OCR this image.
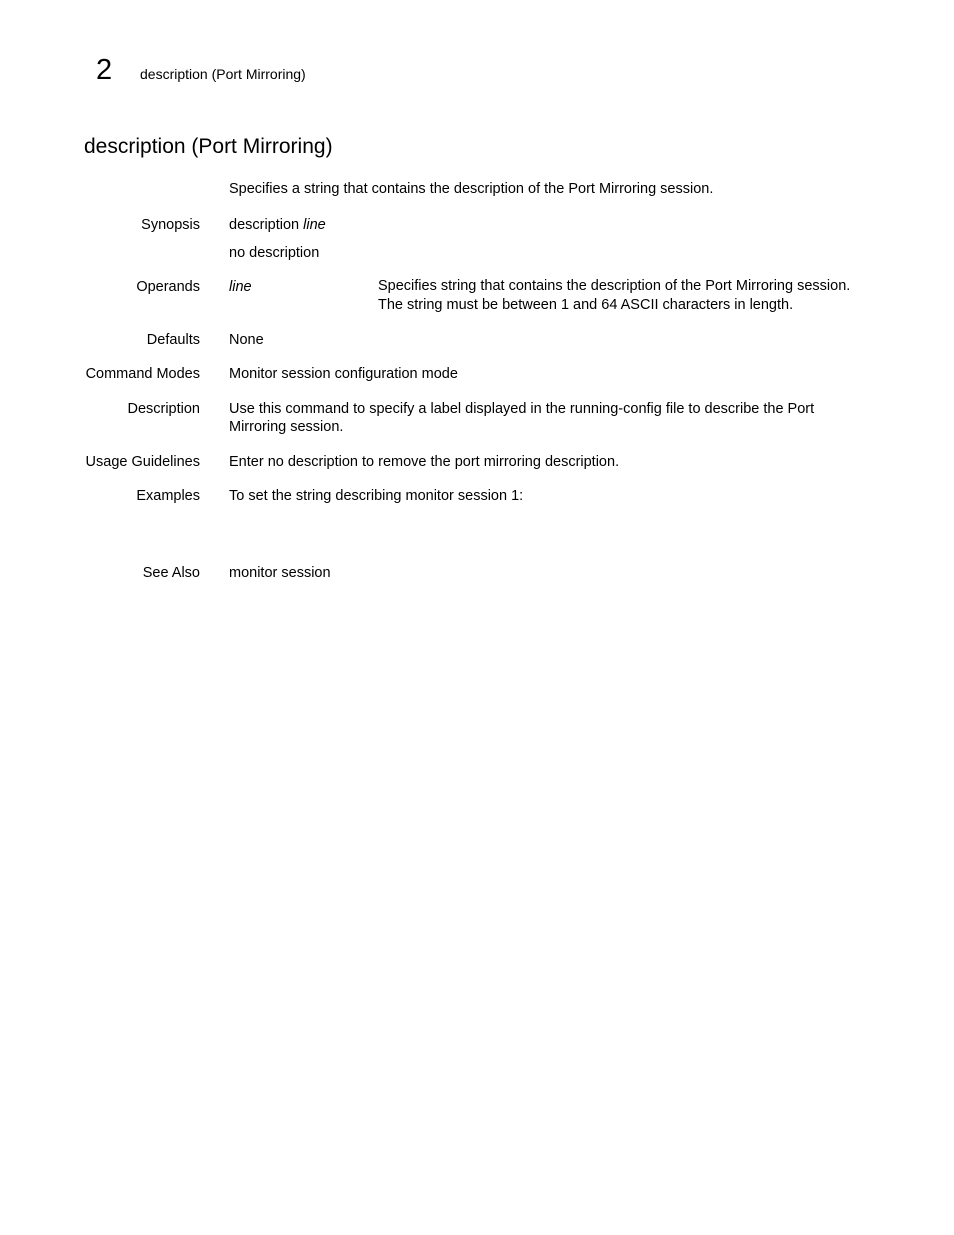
2 description (Port Mirroring)
description (Port Mirroring)
Specifies a string that contains the description of the Port Mirroring session.
Synopsis description line
no description
Operands line	Specifies string that contains the description of the Port Mirroring session.
The string must be between 1 and 64 ASCII characters in length.
Defaults None
Command Modes Monitor session configuration mode
Description Use this command to specify a label displayed in the running-config file to describe the Port Mirroring session.
Usage Guidelines Enter no description to remove the port mirroring description.
Examples To set the string describing monitor session 1:
See Also monitor session
